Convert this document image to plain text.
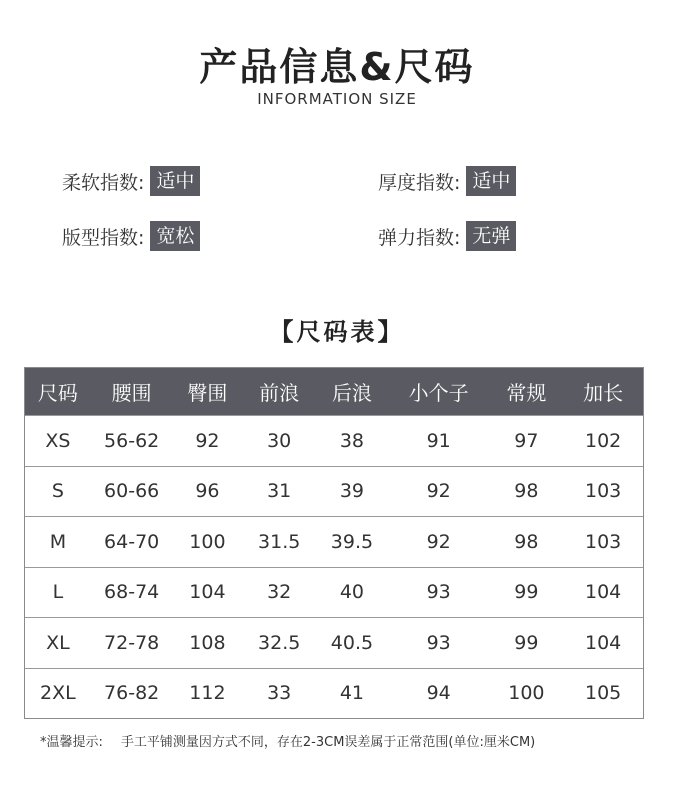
产品信息&尺码
INFORMATION SIZE
柔软指数: 适中	厚度指数: 适中
版型指数: 宽松	弹力指数: 无弹
【尺码表】
尺码	腰围	臀围	前浪	后浪	小个子	常规	加长
XS	56-62	92	30	38	91	97	102
S	60-66	96	31	39	92	98	103
M	64-70	100	31.5	39.5	92	98	103
L	68-74	104	32	40	93	99	104
XL	72-78	108	32.5	40.5	93	99	104
2XL	76-82	112	33	41	94	100	105
*温馨提示: 手工平铺测量因方式不同，存在2-3CM误差属于正常范围(单位:厘米CM)
